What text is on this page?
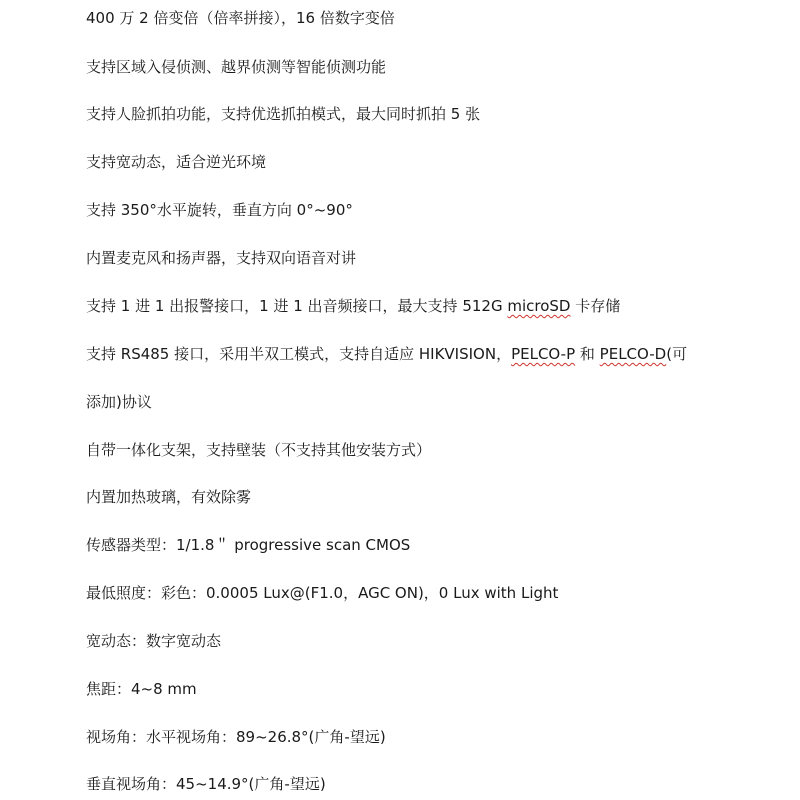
400 万 2 倍变倍（倍率拼接），16 倍数字变倍

支持区域入侵侦测、越界侦测等智能侦测功能

支持人脸抓拍功能，支持优选抓拍模式，最大同时抓拍 5 张

支持宽动态，适合逆光环境

支持 350°水平旋转，垂直方向 0°~90°

内置麦克风和扬声器，支持双向语音对讲

支持 1 进 1 出报警接口，1 进 1 出音频接口，最大支持 512G microSD 卡存储

支持 RS485 接口，采用半双工模式，支持自适应 HIKVISION，PELCO-P 和 PELCO-D(可

添加)协议

自带一体化支架，支持壁装（不支持其他安装方式）

内置加热玻璃，有效除雾

传感器类型：1/1.8＂ progressive scan CMOS

最低照度：彩色：0.0005 Lux@(F1.0，AGC ON)，0 Lux with Light

宽动态：数字宽动态

焦距：4~8 mm

视场角：水平视场角：89~26.8°(广角-望远)

垂直视场角：45~14.9°(广角-望远)
